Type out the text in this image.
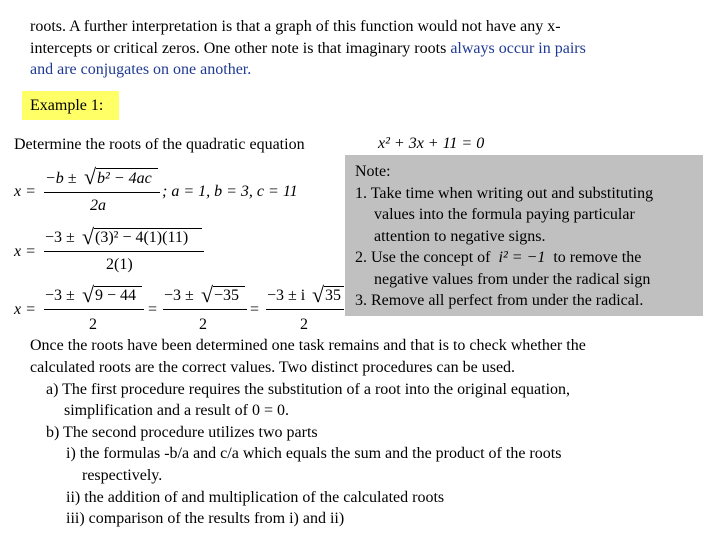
roots. A further interpretation is that a graph of this function would not have any x-
intercepts or critical zeros. One other note is that imaginary roots always occur in pairs
and are conjugates on one another.
Example 1:
Determine the roots of the quadratic equation	x² + 3x + 11 = 0
x =
−b ± √ b² − 4ac
2a
; a = 1, b = 3, c = 11
x =
−3 ± √ (3)² − 4(1)(11)
2(1)
x =
−3 ± √ 9 − 44
2
=
−3 ± √ −35
2
=
−3 ± i √ 35
2
Note:
1. Take time when writing out and substituting
values into the formula paying particular
attention to negative signs.
2. Use the concept of i² = −1 to remove the
negative values from under the radical sign
3. Remove all perfect from under the radical.
Once the roots have been determined one task remains and that is to check whether the
calculated roots are the correct values. Two distinct procedures can be used.
a) The first procedure requires the substitution of a root into the original equation,
simplification and a result of 0 = 0.
b) The second procedure utilizes two parts
i) the formulas -b/a and c/a which equals the sum and the product of the roots
respectively.
ii) the addition of and multiplication of the calculated roots
iii) comparison of the results from i) and ii)
